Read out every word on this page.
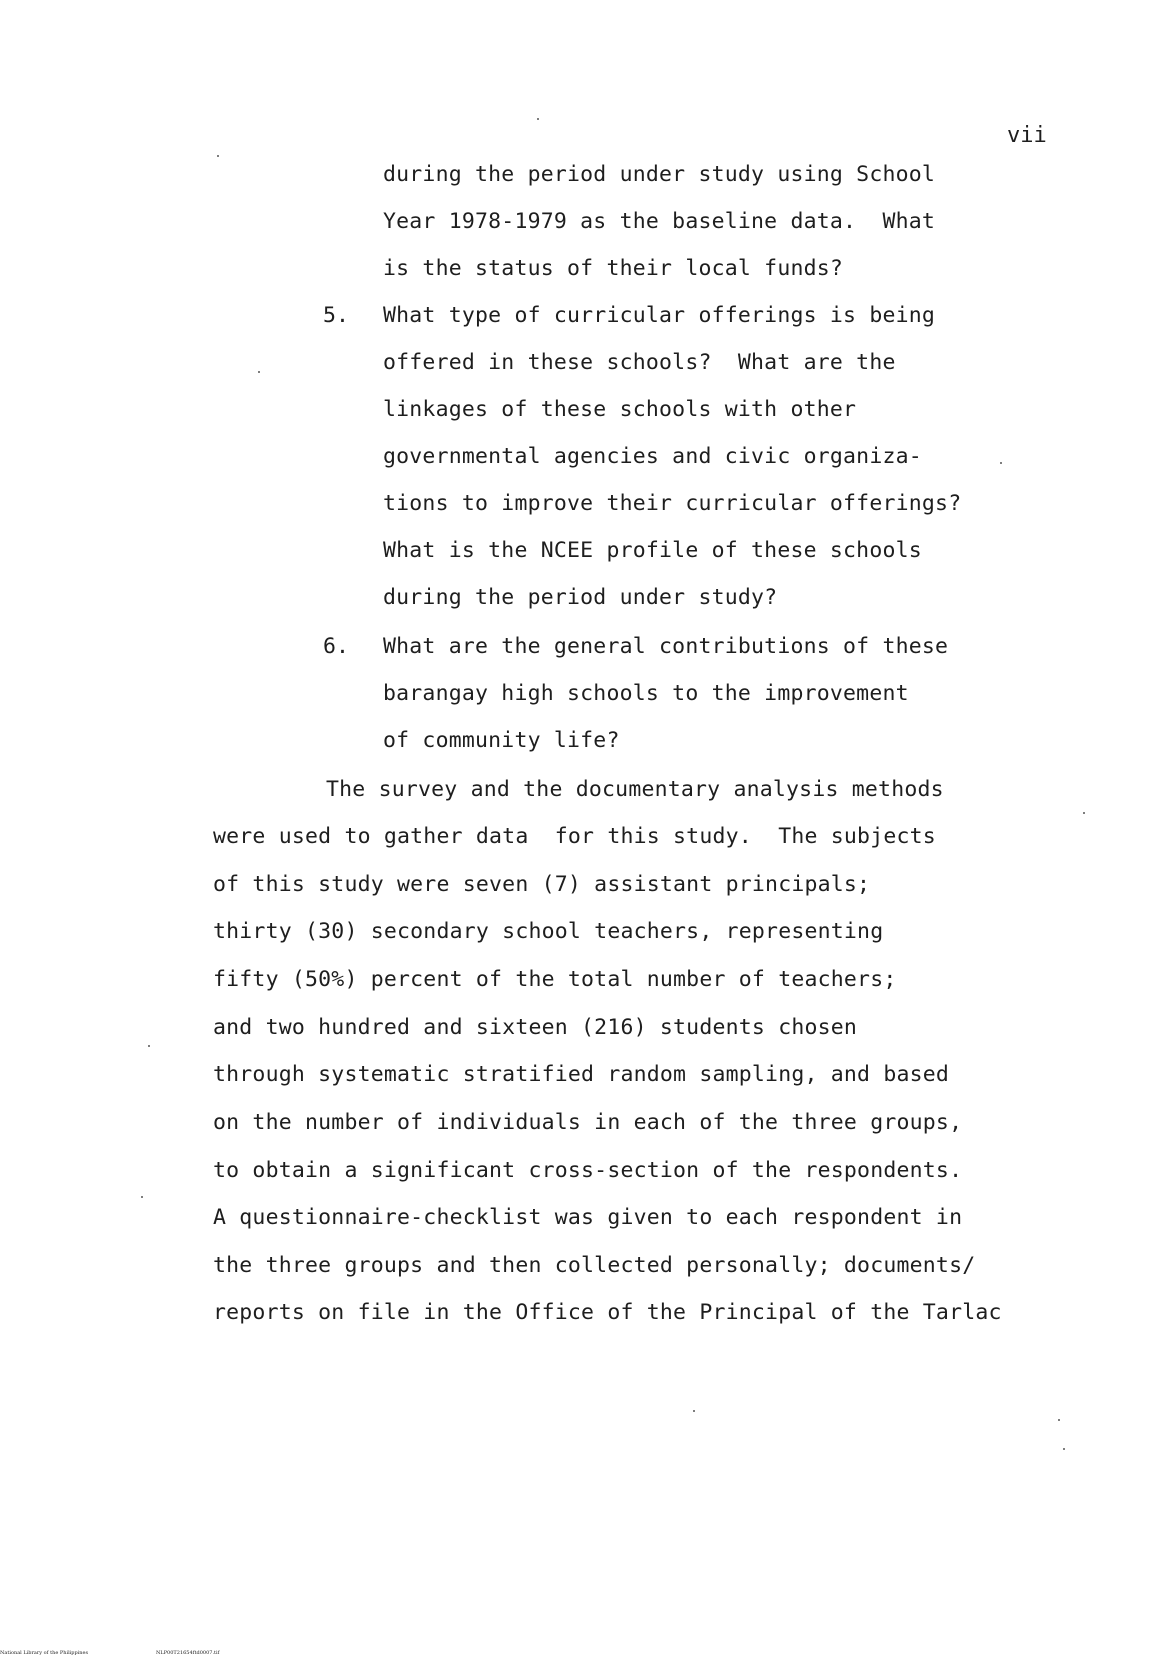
vii
during the period under study using School
Year 1978-1979 as the baseline data.  What
is the status of their local funds?
5. What type of curricular offerings is being
offered in these schools?  What are the
linkages of these schools with other
governmental agencies and civic organiza-
tions to improve their curricular offerings?
What is the NCEE profile of these schools
during the period under study?
6. What are the general contributions of these
barangay high schools to the improvement
of community life?
The survey and the documentary analysis methods
were used to gather data  for this study.  The subjects
of this study were seven (7) assistant principals;
thirty (30) secondary school teachers, representing
fifty (50%) percent of the total number of teachers;
and two hundred and sixteen (216) students chosen
through systematic stratified random sampling, and based
on the number of individuals in each of the three groups,
to obtain a significant cross-section of the respondents.
A questionnaire-checklist was given to each respondent in
the three groups and then collected personally; documents/
reports on file in the Office of the Principal of the Tarlac
National Library of the Philippines	NLP00T21654ftd0007.tif
